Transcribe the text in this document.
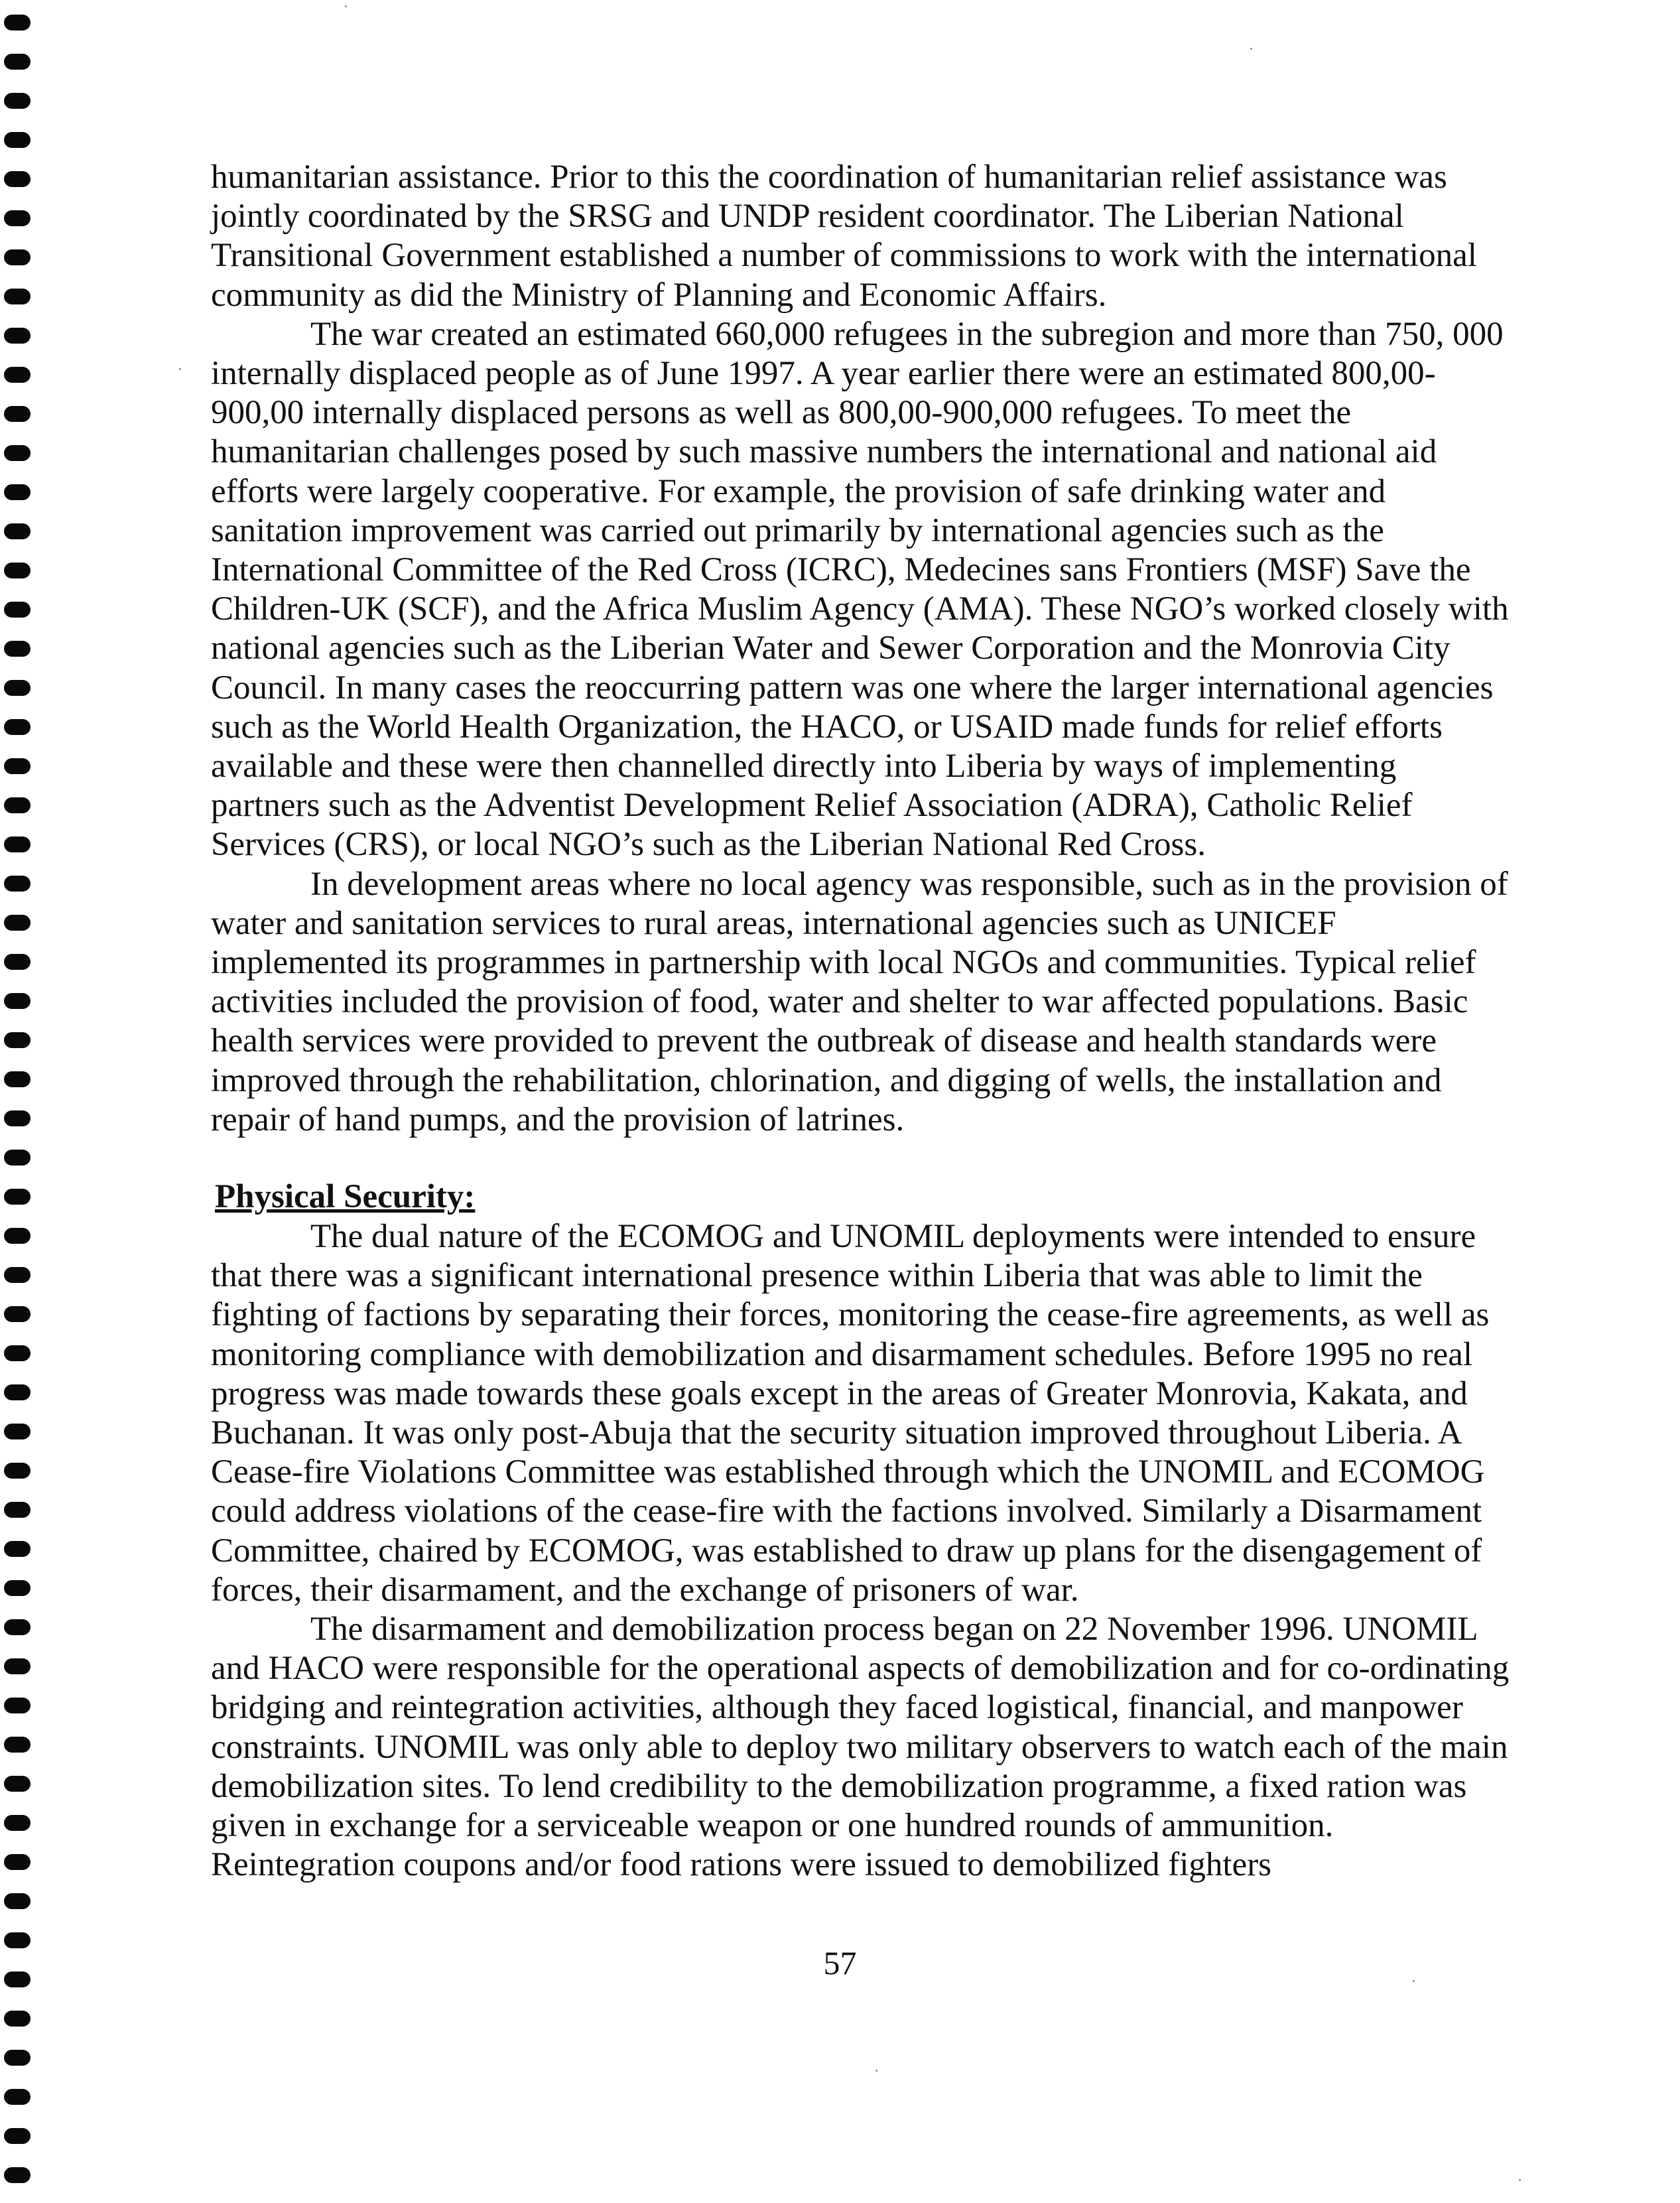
humanitarian assistance. Prior to this the coordination of humanitarian relief assistance was jointly coordinated by the SRSG and UNDP resident coordinator. The Liberian National Transitional Government established a number of commissions to work with the international community as did the Ministry of Planning and Economic Affairs.

The war created an estimated 660,000 refugees in the subregion and more than 750, 000 internally displaced people as of June 1997. A year earlier there were an estimated 800,00-900,00 internally displaced persons as well as 800,00-900,000 refugees. To meet the humanitarian challenges posed by such massive numbers the international and national aid efforts were largely cooperative. For example, the provision of safe drinking water and sanitation improvement was carried out primarily by international agencies such as the International Committee of the Red Cross (ICRC), Medecines sans Frontiers (MSF) Save the Children-UK (SCF), and the Africa Muslim Agency (AMA). These NGO’s worked closely with national agencies such as the Liberian Water and Sewer Corporation and the Monrovia City Council. In many cases the reoccurring pattern was one where the larger international agencies such as the World Health Organization, the HACO, or USAID made funds for relief efforts available and these were then channelled directly into Liberia by ways of implementing partners such as the Adventist Development Relief Association (ADRA), Catholic Relief Services (CRS), or local NGO’s such as the Liberian National Red Cross.

In development areas where no local agency was responsible, such as in the provision of water and sanitation services to rural areas, international agencies such as UNICEF implemented its programmes in partnership with local NGOs and communities. Typical relief activities included the provision of food, water and shelter to war affected populations. Basic health services were provided to prevent the outbreak of disease and health standards were improved through the rehabilitation, chlorination, and digging of wells, the installation and repair of hand pumps, and the provision of latrines.

Physical Security:

The dual nature of the ECOMOG and UNOMIL deployments were intended to ensure that there was a significant international presence within Liberia that was able to limit the fighting of factions by separating their forces, monitoring the cease-fire agreements, as well as monitoring compliance with demobilization and disarmament schedules. Before 1995 no real progress was made towards these goals except in the areas of Greater Monrovia, Kakata, and Buchanan. It was only post-Abuja that the security situation improved throughout Liberia. A Cease-fire Violations Committee was established through which the UNOMIL and ECOMOG could address violations of the cease-fire with the factions involved. Similarly a Disarmament Committee, chaired by ECOMOG, was established to draw up plans for the disengagement of forces, their disarmament, and the exchange of prisoners of war.

The disarmament and demobilization process began on 22 November 1996. UNOMIL and HACO were responsible for the operational aspects of demobilization and for co-ordinating bridging and reintegration activities, although they faced logistical, financial, and manpower constraints. UNOMIL was only able to deploy two military observers to watch each of the main demobilization sites. To lend credibility to the demobilization programme, a fixed ration was given in exchange for a serviceable weapon or one hundred rounds of ammunition. Reintegration coupons and/or food rations were issued to demobilized fighters

57
